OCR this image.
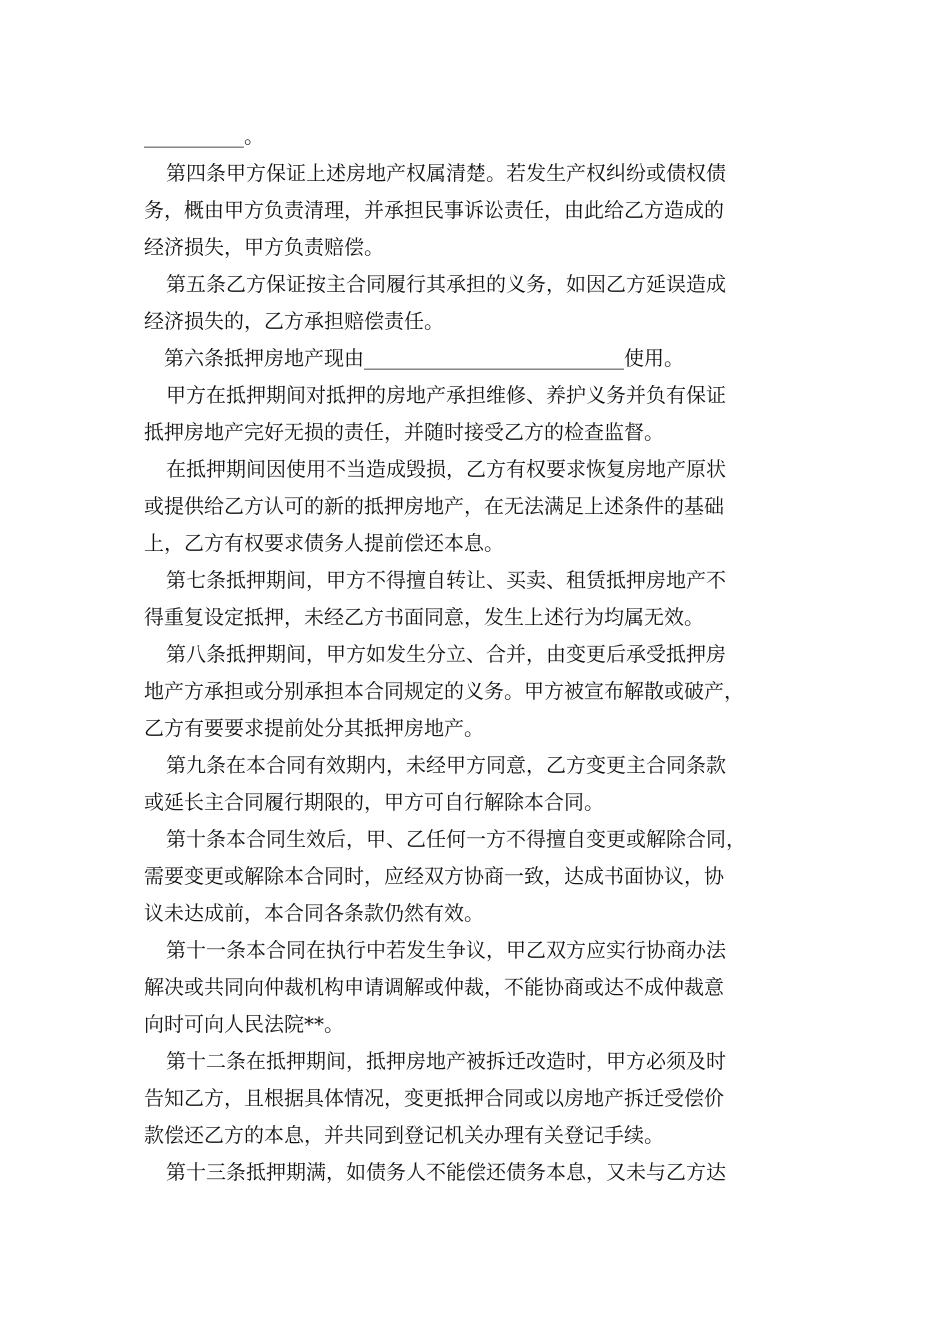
__________。
第四条甲方保证上述房地产权属清楚。若发生产权纠纷或债权债
务，概由甲方负责清理，并承担民事诉讼责任，由此给乙方造成的
经济损失，甲方负责赔偿。
第五条乙方保证按主合同履行其承担的义务，如因乙方延误造成
经济损失的，乙方承担赔偿责任。
第六条抵押房地产现由__________________________使用。
甲方在抵押期间对抵押的房地产承担维修、养护义务并负有保证
抵押房地产完好无损的责任，并随时接受乙方的检查监督。
在抵押期间因使用不当造成毁损，乙方有权要求恢复房地产原状
或提供给乙方认可的新的抵押房地产，在无法满足上述条件的基础
上，乙方有权要求债务人提前偿还本息。
第七条抵押期间，甲方不得擅自转让、买卖、租赁抵押房地产不
得重复设定抵押，未经乙方书面同意，发生上述行为均属无效。
第八条抵押期间，甲方如发生分立、合并，由变更后承受抵押房
地产方承担或分别承担本合同规定的义务。甲方被宣布解散或破产，
乙方有要要求提前处分其抵押房地产。
第九条在本合同有效期内，未经甲方同意，乙方变更主合同条款
或延长主合同履行期限的，甲方可自行解除本合同。
第十条本合同生效后，甲、乙任何一方不得擅自变更或解除合同，
需要变更或解除本合同时，应经双方协商一致，达成书面协议，协
议未达成前，本合同各条款仍然有效。
第十一条本合同在执行中若发生争议，甲乙双方应实行协商办法
解决或共同向仲裁机构申请调解或仲裁，不能协商或达不成仲裁意
向时可向人民法院**。
第十二条在抵押期间，抵押房地产被拆迁改造时，甲方必须及时
告知乙方，且根据具体情况，变更抵押合同或以房地产拆迁受偿价
款偿还乙方的本息，并共同到登记机关办理有关登记手续。
第十三条抵押期满，如债务人不能偿还债务本息，又未与乙方达
